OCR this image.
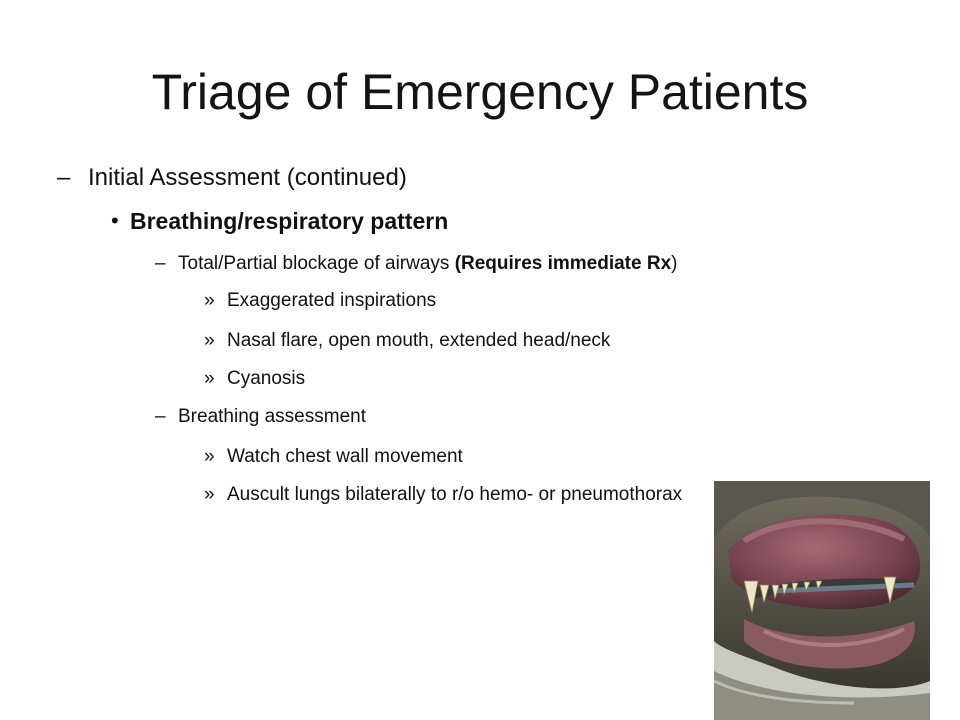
Triage of Emergency Patients
– Initial Assessment (continued)
• Breathing/respiratory pattern
– Total/Partial blockage of airways (Requires immediate Rx)
» Exaggerated inspirations
» Nasal flare, open mouth, extended head/neck
» Cyanosis
– Breathing assessment
» Watch chest wall movement
» Auscult lungs bilaterally to r/o hemo- or pneumothorax
